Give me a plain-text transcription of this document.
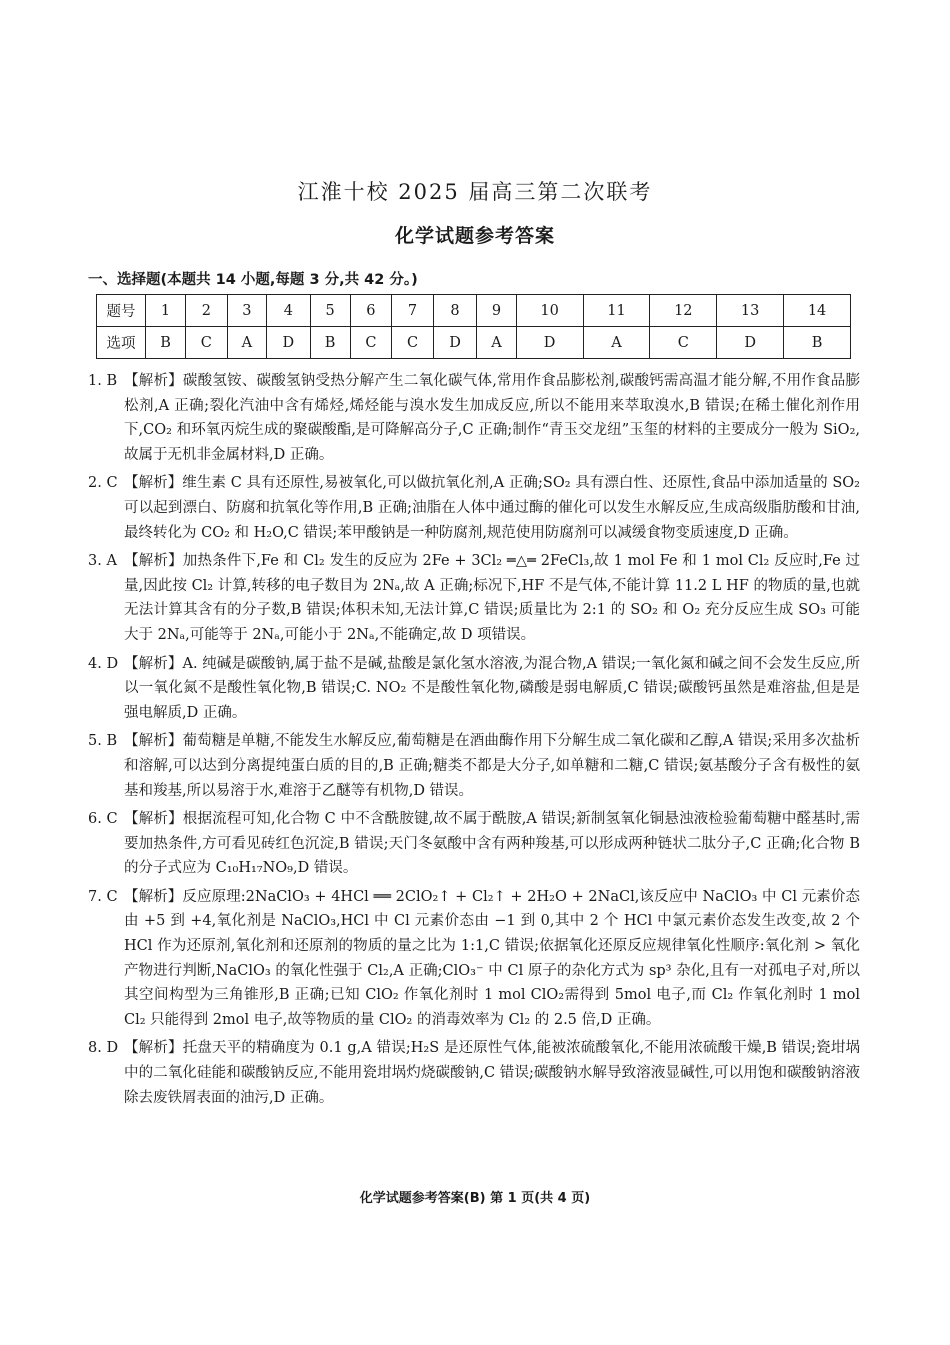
江淮十校 2025 届高三第二次联考
化学试题参考答案
一、选择题(本题共 14 小题,每题 3 分,共 42 分。)
题号	1	2	3	4	5	6	7	8	9	10	11	12	13	14
选项	B	C	A	D	B	C	C	D	A	D	A	C	D	B
1. B 【解析】碳酸氢铵、碳酸氢钠受热分解产生二氧化碳气体,常用作食品膨松剂,碳酸钙需高温才能分解,不用作食品膨松剂,A 正确;裂化汽油中含有烯烃,烯烃能与溴水发生加成反应,所以不能用来萃取溴水,B 错误;在稀土催化剂作用下,CO₂ 和环氧丙烷生成的聚碳酸酯,是可降解高分子,C 正确;制作“青玉交龙纽”玉玺的材料的主要成分一般为 SiO₂,故属于无机非金属材料,D 正确。
2. C 【解析】维生素 C 具有还原性,易被氧化,可以做抗氧化剂,A 正确;SO₂ 具有漂白性、还原性,食品中添加适量的 SO₂ 可以起到漂白、防腐和抗氧化等作用,B 正确;油脂在人体中通过酶的催化可以发生水解反应,生成高级脂肪酸和甘油,最终转化为 CO₂ 和 H₂O,C 错误;苯甲酸钠是一种防腐剂,规范使用防腐剂可以减缓食物变质速度,D 正确。
3. A 【解析】加热条件下,Fe 和 Cl₂ 发生的反应为 2Fe + 3Cl₂ ═△═ 2FeCl₃,故 1 mol Fe 和 1 mol Cl₂ 反应时,Fe 过量,因此按 Cl₂ 计算,转移的电子数目为 2Nₐ,故 A 正确;标况下,HF 不是气体,不能计算 11.2 L HF 的物质的量,也就无法计算其含有的分子数,B 错误;体积未知,无法计算,C 错误;质量比为 2:1 的 SO₂ 和 O₂ 充分反应生成 SO₃ 可能大于 2Nₐ,可能等于 2Nₐ,可能小于 2Nₐ,不能确定,故 D 项错误。
4. D 【解析】A. 纯碱是碳酸钠,属于盐不是碱,盐酸是氯化氢水溶液,为混合物,A 错误;一氧化氮和碱之间不会发生反应,所以一氧化氮不是酸性氧化物,B 错误;C. NO₂ 不是酸性氧化物,磷酸是弱电解质,C 错误;碳酸钙虽然是难溶盐,但是是强电解质,D 正确。
5. B 【解析】葡萄糖是单糖,不能发生水解反应,葡萄糖是在酒曲酶作用下分解生成二氧化碳和乙醇,A 错误;采用多次盐析和溶解,可以达到分离提纯蛋白质的目的,B 正确;糖类不都是大分子,如单糖和二糖,C 错误;氨基酸分子含有极性的氨基和羧基,所以易溶于水,难溶于乙醚等有机物,D 错误。
6. C 【解析】根据流程可知,化合物 C 中不含酰胺键,故不属于酰胺,A 错误;新制氢氧化铜悬浊液检验葡萄糖中醛基时,需要加热条件,方可看见砖红色沉淀,B 错误;天门冬氨酸中含有两种羧基,可以形成两种链状二肽分子,C 正确;化合物 B 的分子式应为 C₁₀H₁₇NO₉,D 错误。
7. C 【解析】反应原理:2NaClO₃ + 4HCl ══ 2ClO₂↑ + Cl₂↑ + 2H₂O + 2NaCl,该反应中 NaClO₃ 中 Cl 元素价态由 +5 到 +4,氧化剂是 NaClO₃,HCl 中 Cl 元素价态由 −1 到 0,其中 2 个 HCl 中氯元素价态发生改变,故 2 个 HCl 作为还原剂,氧化剂和还原剂的物质的量之比为 1:1,C 错误;依据氧化还原反应规律氧化性顺序:氧化剂 > 氧化产物进行判断,NaClO₃ 的氧化性强于 Cl₂,A 正确;ClO₃⁻ 中 Cl 原子的杂化方式为 sp³ 杂化,且有一对孤电子对,所以其空间构型为三角锥形,B 正确;已知 ClO₂ 作氧化剂时 1 mol ClO₂需得到 5mol 电子,而 Cl₂ 作氧化剂时 1 mol Cl₂ 只能得到 2mol 电子,故等物质的量 ClO₂ 的消毒效率为 Cl₂ 的 2.5 倍,D 正确。
8. D 【解析】托盘天平的精确度为 0.1 g,A 错误;H₂S 是还原性气体,能被浓硫酸氧化,不能用浓硫酸干燥,B 错误;瓷坩埚中的二氧化硅能和碳酸钠反应,不能用瓷坩埚灼烧碳酸钠,C 错误;碳酸钠水解导致溶液显碱性,可以用饱和碳酸钠溶液除去废铁屑表面的油污,D 正确。
化学试题参考答案(B) 第 1 页(共 4 页)
